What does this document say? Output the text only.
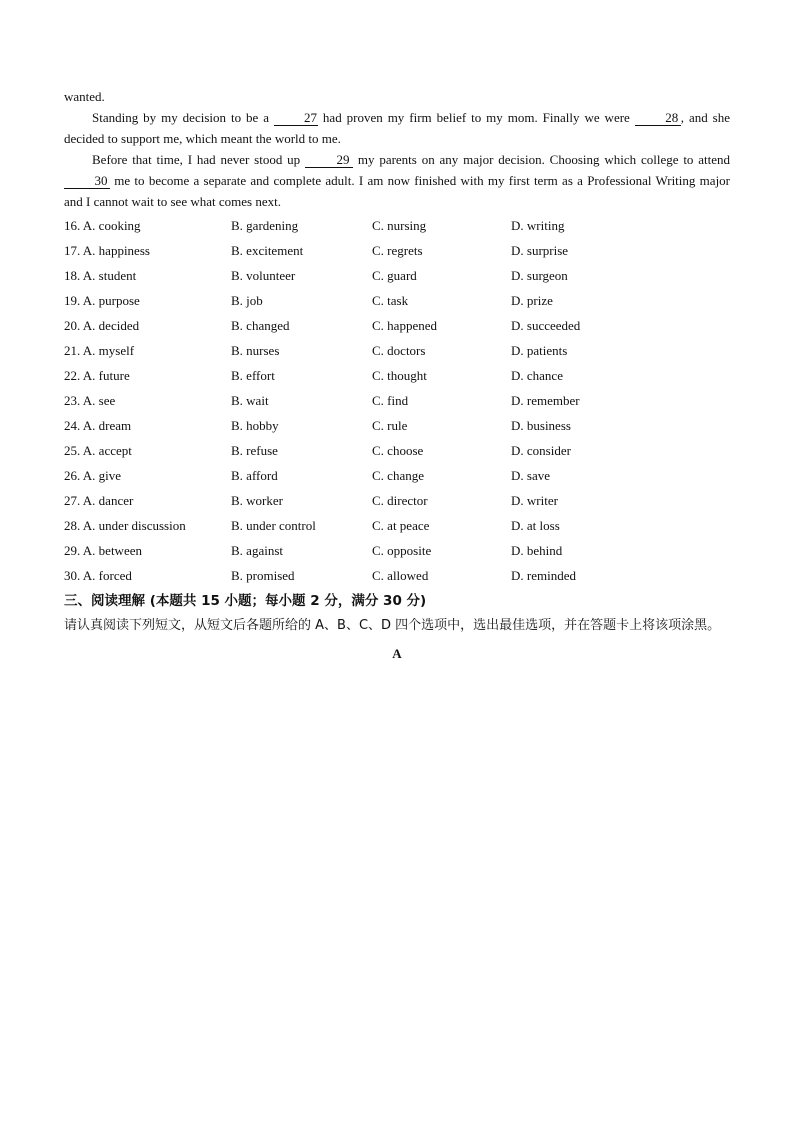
wanted.

Standing by my decision to be a	27 had proven my firm belief to my mom. Finally we were	28 , and she decided to support me, which meant the world to me.

Before that time, I had never stood up	29 my parents on any major decision. Choosing which college to attend 30 me to become a separate and complete adult. I am now finished with my first term as a Professional Writing major and I cannot wait to see what comes next.

16. A. cooking	B. gardening	C. nursing	D. writing
17. A. happiness	B. excitement	C. regrets	D. surprise
18. A. student	B. volunteer	C. guard	D. surgeon
19. A. purpose	B. job	C. task	D. prize
20. A. decided	B. changed	C. happened	D. succeeded
21. A. myself	B. nurses	C. doctors	D. patients
22. A. future	B. effort	C. thought	D. chance
23. A. see	B. wait	C. find	D. remember
24. A. dream	B. hobby	C. rule	D. business
25. A. accept	B. refuse	C. choose	D. consider
26. A. give	B. afford	C. change	D. save
27. A. dancer	B. worker	C. director	D. writer
28. A. under discussion	B. under control	C. at peace	D. at loss
29. A. between	B. against	C. opposite	D. behind
30. A. forced	B. promised	C. allowed	D. reminded
三、阅读理解 (本题共 15 小题；每小题 2 分，满分 30 分)

请认真阅读下列短文，从短文后各题所给的 A、B、C、D 四个选项中，选出最佳选项，并在答题卡上将该项涂黑。

A
